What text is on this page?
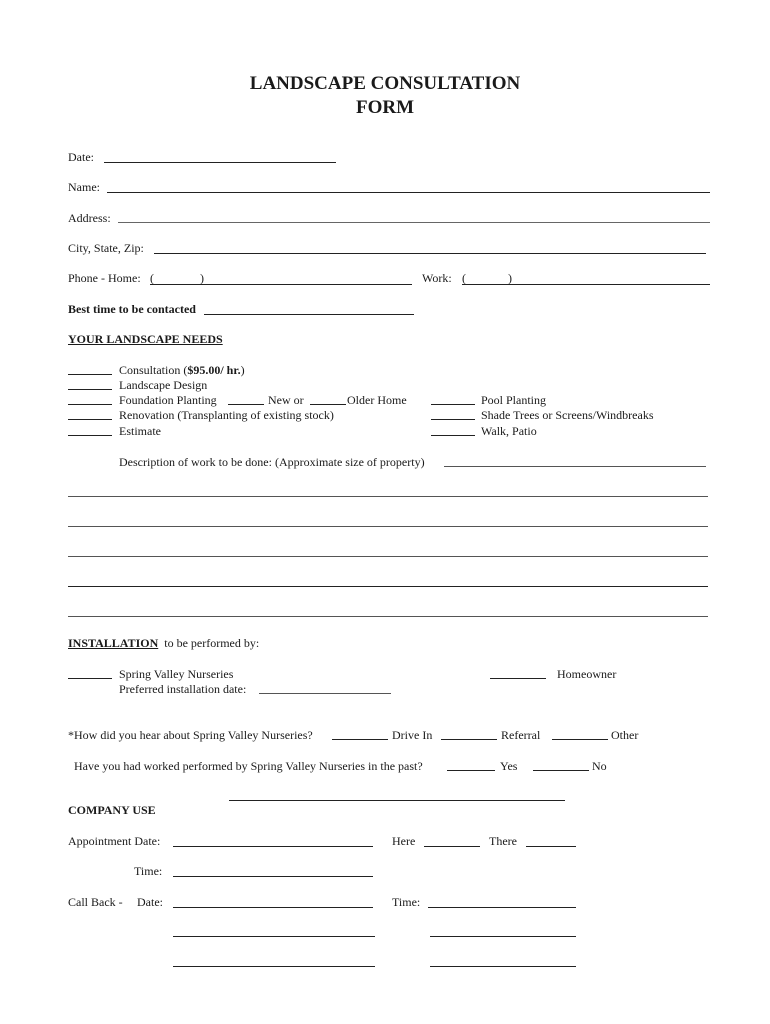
LANDSCAPE CONSULTATION
FORM
Date:
Name:
Address:
City, State, Zip:
Phone - Home: (	)	Work: (	)
Best time to be contacted
YOUR LANDSCAPE NEEDS
Consultation ($95.00/ hr.)
Landscape Design
Foundation Planting	New or	Older Home
Renovation (Transplanting of existing stock)
Estimate
Pool Planting
Shade Trees or Screens/Windbreaks
Walk, Patio
Description of work to be done: (Approximate size of property)
INSTALLATION to be performed by:
Spring Valley Nurseries
Preferred installation date:
Homeowner
*How did you hear about Spring Valley Nurseries?	Drive In	Referral	Other
Have you had worked performed by Spring Valley Nurseries in the past?	Yes	No
COMPANY USE
Appointment Date:	Here	There
Time:
Call Back - Date:	Time:
